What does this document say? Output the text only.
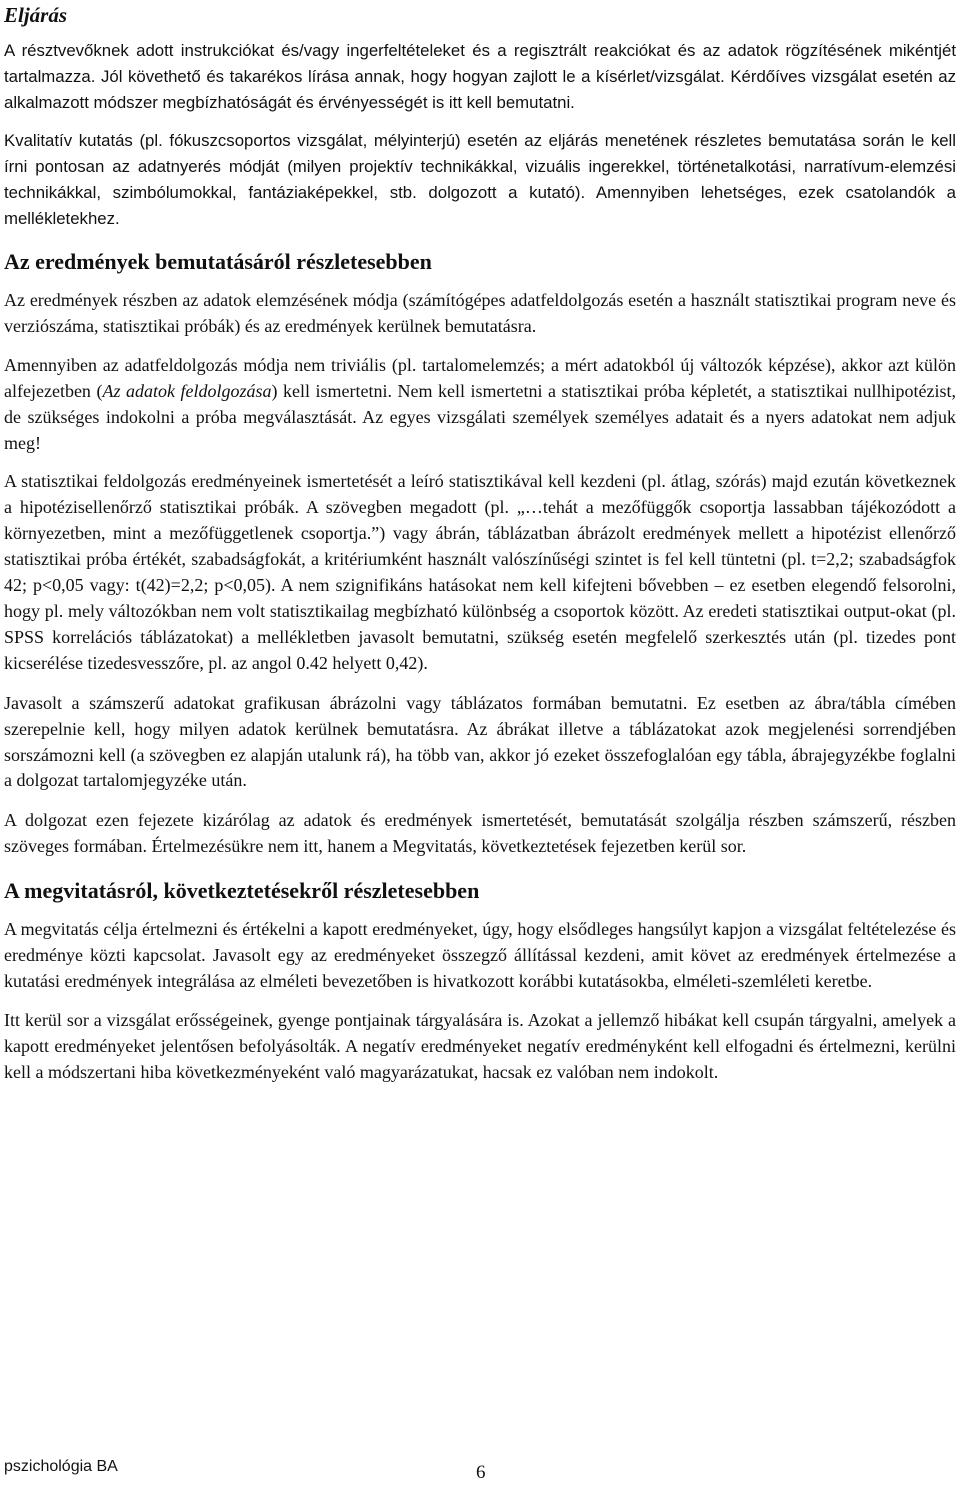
Eljárás

A résztvevőknek adott instrukciókat és/vagy ingerfeltételeket és a regisztrált reakciókat és az adatok rögzítésének mikéntjét tartalmazza. Jól követhető és takarékos lírása annak, hogy hogyan zajlott le a kísérlet/vizsgálat. Kérdőíves vizsgálat esetén az alkalmazott módszer megbízhatóságát és érvényességét is itt kell bemutatni.

Kvalitatív kutatás (pl. fókuszcsoportos vizsgálat, mélyinterjú) esetén az eljárás menetének részletes bemutatása során le kell írni pontosan az adatnyerés módját (milyen projektív technikákkal, vizuális ingerekkel, történetalkotási, narratívum-elemzési technikákkal, szimbólumokkal, fantáziaképekkel, stb. dolgozott a kutató). Amennyiben lehetséges, ezek csatolandók a mellékletekhez.

Az eredmények bemutatásáról részletesebben

Az eredmények részben az adatok elemzésének módja (számítógépes adatfeldolgozás esetén a használt statisztikai program neve és verziószáma, statisztikai próbák) és az eredmények kerülnek bemutatásra.

Amennyiben az adatfeldolgozás módja nem triviális (pl. tartalomelemzés; a mért adatokból új változók képzése), akkor azt külön alfejezetben (Az adatok feldolgozása) kell ismertetni. Nem kell ismertetni a statisztikai próba képletét, a statisztikai nullhipotézist, de szükséges indokolni a próba megválasztását. Az egyes vizsgálati személyek személyes adatait és a nyers adatokat nem adjuk meg!

A statisztikai feldolgozás eredményeinek ismertetését a leíró statisztikával kell kezdeni (pl. átlag, szórás) majd ezután következnek a hipotézisellenőrző statisztikai próbák. A szövegben megadott (pl. „…tehát a mezőfüggők csoportja lassabban tájékozódott a környezetben, mint a mezőfüggetlenek csoportja.”) vagy ábrán, táblázatban ábrázolt eredmények mellett a hipotézist ellenőrző statisztikai próba értékét, szabadságfokát, a kritériumként használt valószínűségi szintet is fel kell tüntetni (pl. t=2,2; szabadságfok 42; p<0,05 vagy: t(42)=2,2; p<0,05). A nem szignifikáns hatásokat nem kell kifejteni bővebben – ez esetben elegendő felsorolni, hogy pl. mely változókban nem volt statisztikailag megbízható különbség a csoportok között. Az eredeti statisztikai output-okat (pl. SPSS korrelációs táblázatokat) a mellékletben javasolt bemutatni, szükség esetén megfelelő szerkesztés után (pl. tizedes pont kicserélése tizedesvesszőre, pl. az angol 0.42 helyett 0,42).

Javasolt a számszerű adatokat grafikusan ábrázolni vagy táblázatos formában bemutatni. Ez esetben az ábra/tábla címében szerepelnie kell, hogy milyen adatok kerülnek bemutatásra. Az ábrákat illetve a táblázatokat azok megjelenési sorrendjében sorszámozni kell (a szövegben ez alapján utalunk rá), ha több van, akkor jó ezeket összefoglalóan egy tábla, ábrajegyzékbe foglalni a dolgozat tartalomjegyzéke után.

A dolgozat ezen fejezete kizárólag az adatok és eredmények ismertetését, bemutatását szolgálja részben számszerű, részben szöveges formában. Értelmezésükre nem itt, hanem a Megvitatás, következtetések fejezetben kerül sor.

A megvitatásról, következtetésekről részletesebben

A megvitatás célja értelmezni és értékelni a kapott eredményeket, úgy, hogy elsődleges hangsúlyt kapjon a vizsgálat feltételezése és eredménye közti kapcsolat. Javasolt egy az eredményeket összegző állítással kezdeni, amit követ az eredmények értelmezése a kutatási eredmények integrálása az elméleti bevezetőben is hivatkozott korábbi kutatásokba, elméleti-szemléleti keretbe.

Itt kerül sor a vizsgálat erősségeinek, gyenge pontjainak tárgyalására is. Azokat a jellemző hibákat kell csupán tárgyalni, amelyek a kapott eredményeket jelentősen befolyásolták. A negatív eredményeket negatív eredményként kell elfogadni és értelmezni, kerülni kell a módszertani hiba következményeként való magyarázatukat, hacsak ez valóban nem indokolt.

pszichológia BA	6
